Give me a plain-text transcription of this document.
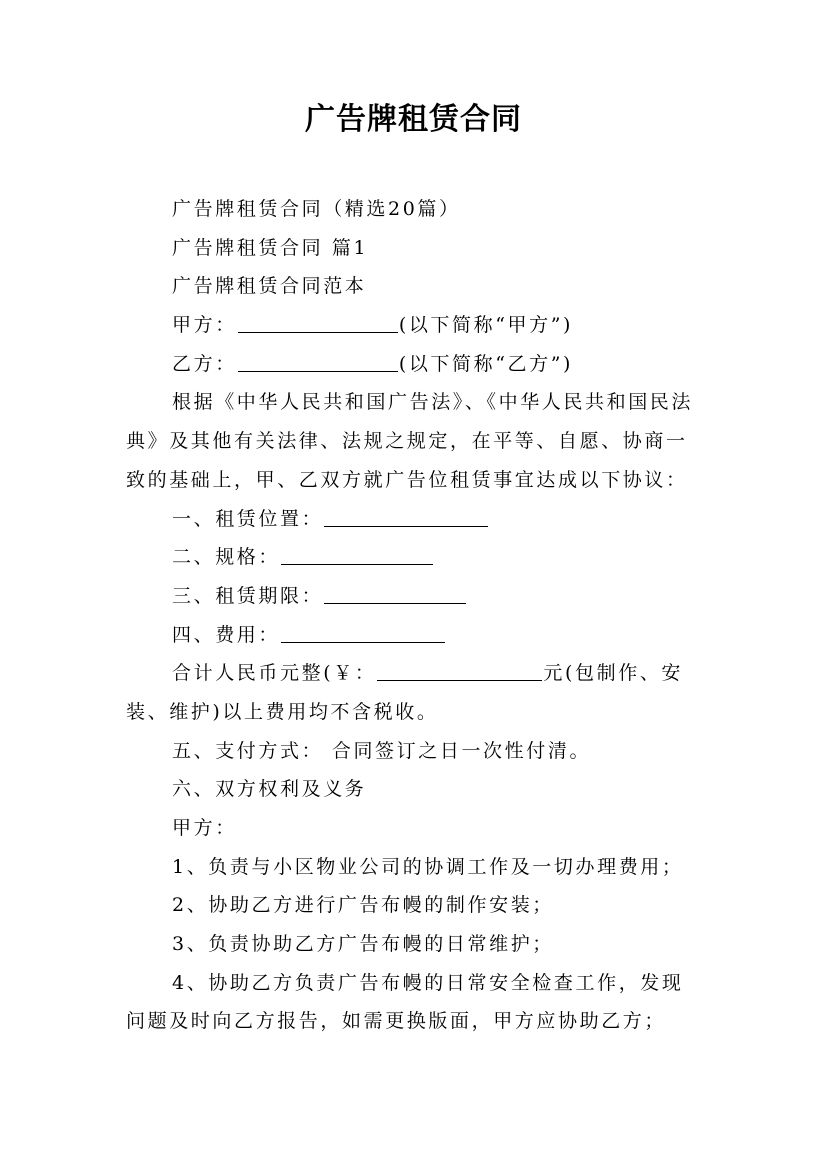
广告牌租赁合同
广告牌租赁合同（精选20篇）
广告牌租赁合同 篇1
广告牌租赁合同范本
甲方：	(以下简称“甲方”)
乙方：	(以下简称“乙方”)
根据《中华人民共和国广告法》、《中华人民共和国民法
典》及其他有关法律、法规之规定，在平等、自愿、协商一
致的基础上，甲、乙双方就广告位租赁事宜达成以下协议：
一、租赁位置：
二、规格：
三、租赁期限：
四、费用：
合计人民币元整(￥：	元(包制作、安
装、维护)以上费用均不含税收。
五、支付方式： 合同签订之日一次性付清。
六、双方权利及义务
甲方：
1、负责与小区物业公司的协调工作及一切办理费用；
2、协助乙方进行广告布幔的制作安装；
3、负责协助乙方广告布幔的日常维护；
4、协助乙方负责广告布幔的日常安全检查工作，发现
问题及时向乙方报告，如需更换版面，甲方应协助乙方；
